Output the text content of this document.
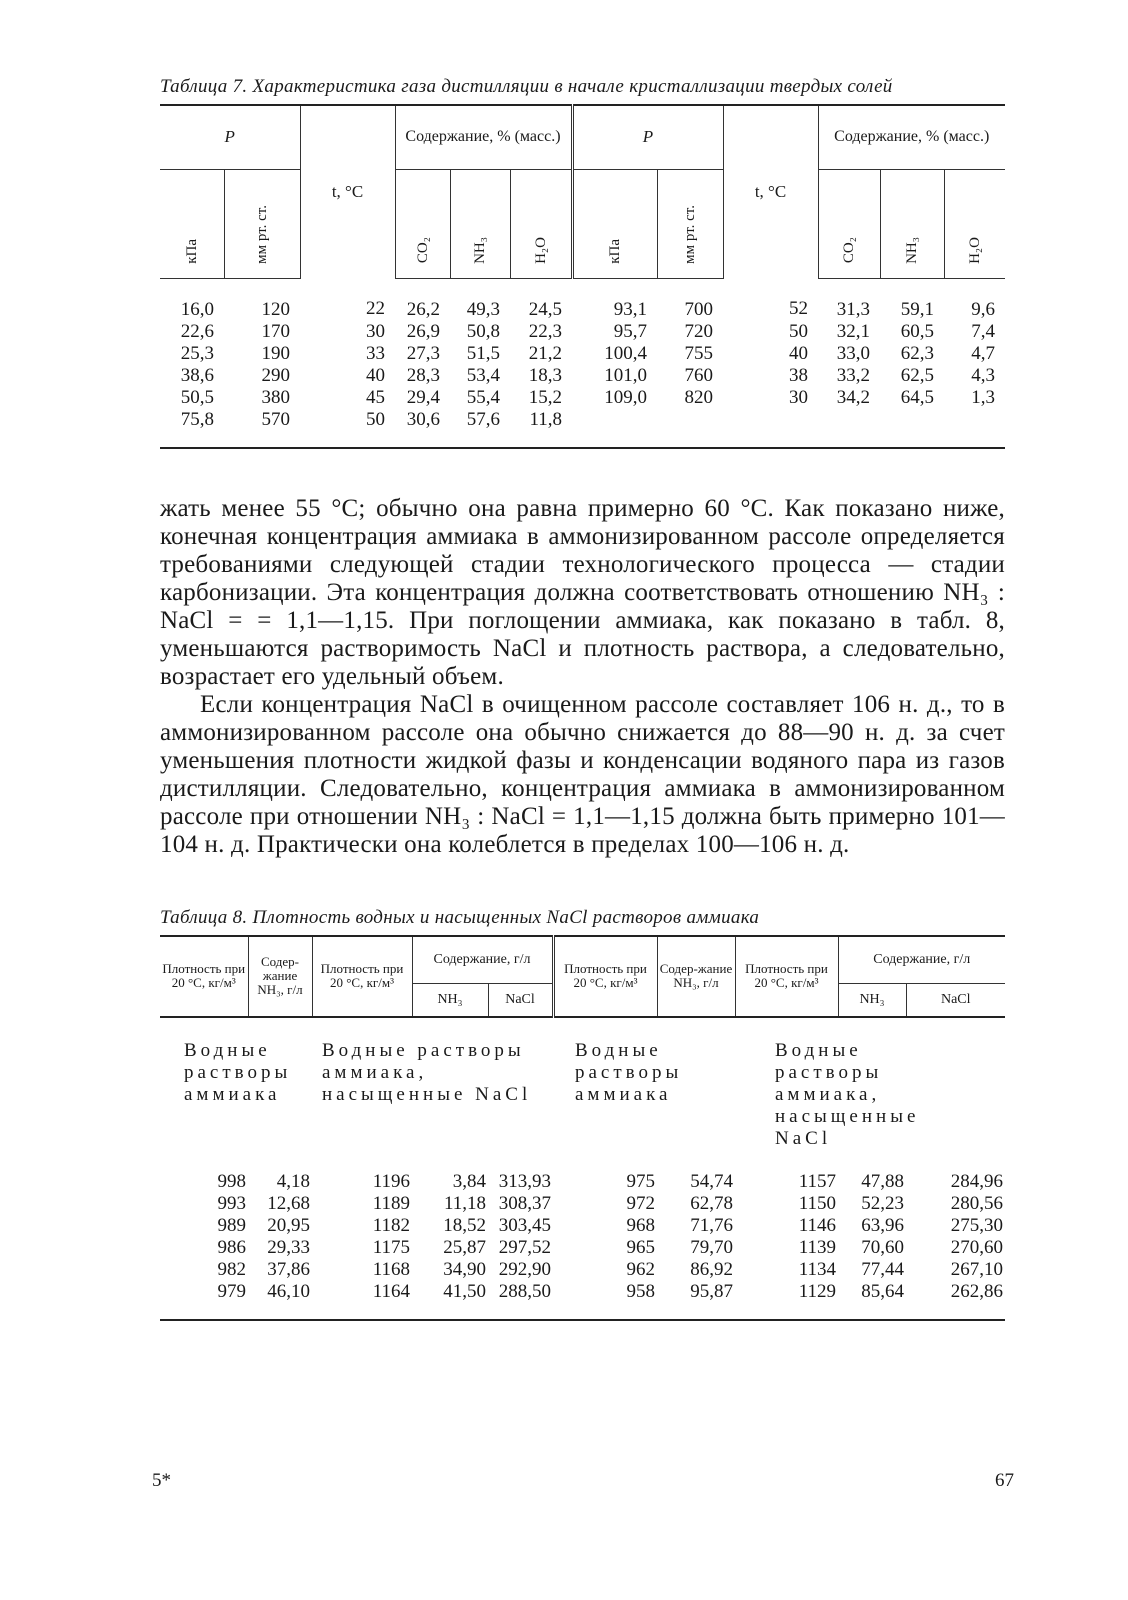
Таблица 7. Характеристика газа дистилляции в начале кристаллизации твердых солей

P		t, °C	Содержание, % (масс.)			P		t, °C	Содержание, % (масс.)		
кПа	мм рт. ст.		CO₂	NH₃	H₂O	кПа	мм рт. ст.		CO₂	NH₃	H₂O
16,0	120	22	26,2	49,3	24,5	93,1	700	52	31,3	59,1	9,6
22,6	170	30	26,9	50,8	22,3	95,7	720	50	32,1	60,5	7,4
25,3	190	33	27,3	51,5	21,2	100,4	755	40	33,0	62,3	4,7
38,6	290	40	28,3	53,4	18,3	101,0	760	38	33,2	62,5	4,3
50,5	380	45	29,4	55,4	15,2	109,0	820	30	34,2	64,5	1,3
75,8	570	50	30,6	57,6	11,8						

жать менее 55 °C; обычно она равна примерно 60 °C. Как показано ниже, конечная концентрация аммиака в аммонизированном рассоле определяется требованиями следующей стадии технологического процесса — стадии карбонизации. Эта концентрация должна соответствовать отношению NH₃ : NaCl = = 1,1—1,15. При поглощении аммиака, как показано в табл. 8, уменьшаются растворимость NaCl и плотность раствора, а следовательно, возрастает его удельный объем.

Если концентрация NaCl в очищенном рассоле составляет 106 н. д., то в аммонизированном рассоле она обычно снижается до 88—90 н. д. за счет уменьшения плотности жидкой фазы и конденсации водяного пара из газов дистилляции. Следовательно, концентрация аммиака в аммонизированном рассоле при отношении NH₃ : NaCl = 1,1—1,15 должна быть примерно 101—104 н. д. Практически она колеблется в пределах 100—106 н. д.

Таблица 8. Плотность водных и насыщенных NaCl растворов аммиака

Плотность при 20 °С, кг/м³	Содер-жание NH₃, г/л	Плотность при 20 °С, кг/м³	Содержание, г/л		Плотность при 20 °С, кг/м³	Содер-жание NH₃, г/л	Плотность при 20 °С, кг/м³	Содержание, г/л	
			NH₃	NaCl				NH₃	NaCl
Водные растворы аммиака		Водные растворы аммиака, насыщенные NaCl			Водные растворы аммиака		Водные растворы аммиака, насыщенные NaCl		
998	4,18	1196	3,84	313,93	975	54,74	1157	47,88	284,96
993	12,68	1189	11,18	308,37	972	62,78	1150	52,23	280,56
989	20,95	1182	18,52	303,45	968	71,76	1146	63,96	275,30
986	29,33	1175	25,87	297,52	965	79,70	1139	70,60	270,60
982	37,86	1168	34,90	292,90	962	86,92	1134	77,44	267,10
979	46,10	1164	41,50	288,50	958	95,87	1129	85,64	262,86
5*	67
